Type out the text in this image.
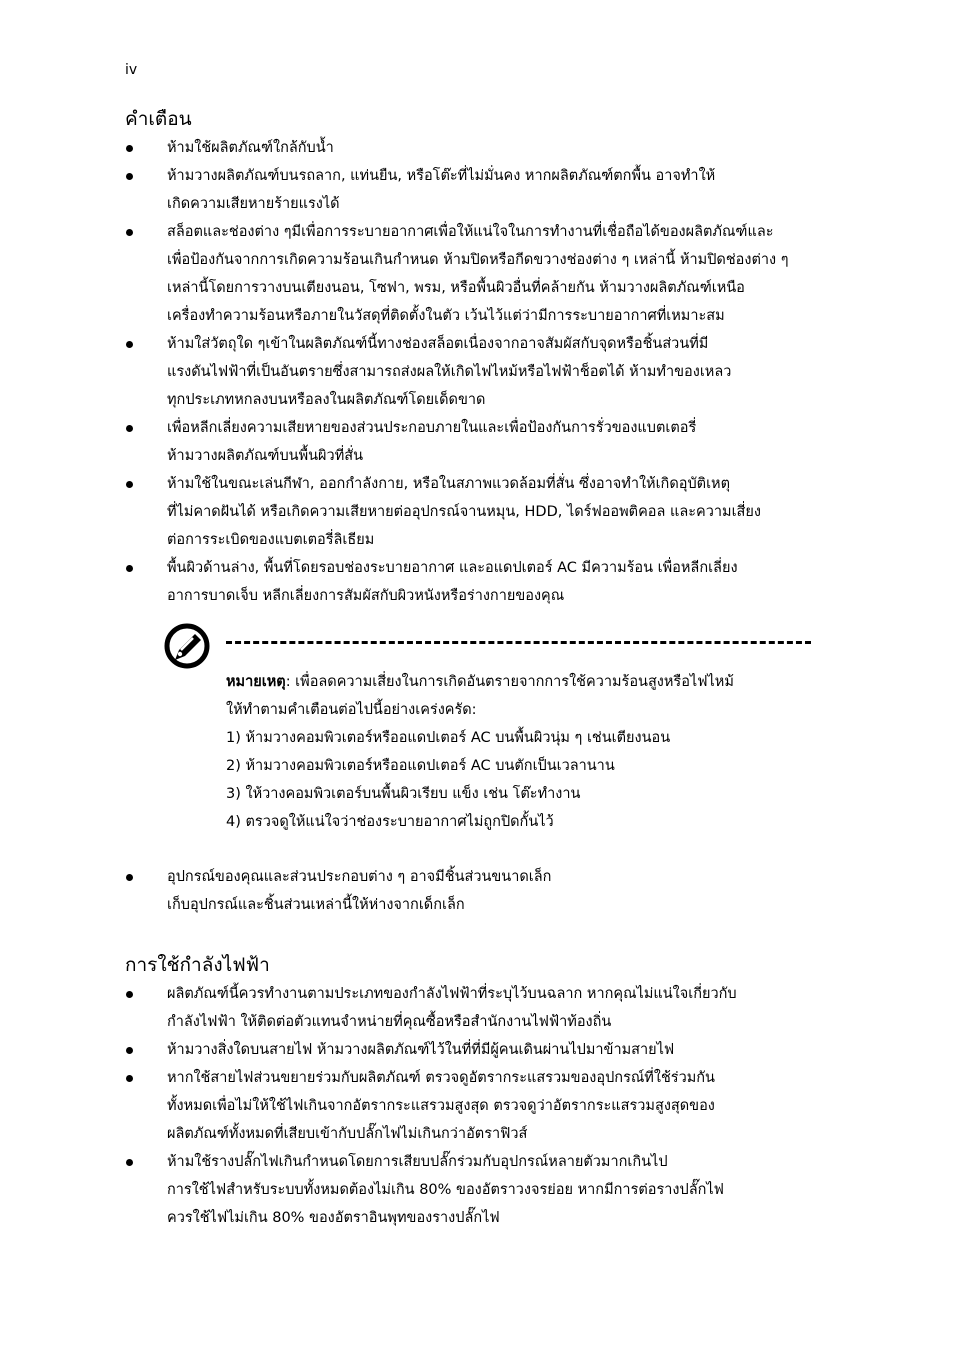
iv
คำเตือน
ห้ามใช้ผลิตภัณฑ์ใกล้กับน้ำ
ห้ามวางผลิตภัณฑ์บนรถลาก, แท่นยืน, หรือโต๊ะที่ไม่มั่นคง หากผลิตภัณฑ์ตกพื้น อาจทำให้
เกิดความเสียหายร้ายแรงได้
สล็อตและช่องต่าง ๆมีเพื่อการระบายอากาศเพื่อให้แน่ใจในการทำงานที่เชื่อถือได้ของผลิตภัณฑ์และ
เพื่อป้องกันจากการเกิดความร้อนเกินกำหนด ห้ามปิดหรือกีดขวางช่องต่าง ๆ เหล่านี้ ห้ามปิดช่องต่าง ๆ
เหล่านี้โดยการวางบนเตียงนอน, โซฟา, พรม, หรือพื้นผิวอื่นที่คล้ายกัน ห้ามวางผลิตภัณฑ์เหนือ
เครื่องทำความร้อนหรือภายในวัสดุที่ติดตั้งในตัว เว้นไว้แต่ว่ามีการระบายอากาศที่เหมาะสม
ห้ามใส่วัตถุใด ๆเข้าในผลิตภัณฑ์นี้ทางช่องสล็อตเนื่องจากอาจสัมผัสกับจุดหรือชิ้นส่วนที่มี
แรงดันไฟฟ้าที่เป็นอันตรายซึ่งสามารถส่งผลให้เกิดไฟไหม้หรือไฟฟ้าช็อตได้ ห้ามทำของเหลว
ทุกประเภทหกลงบนหรือลงในผลิตภัณฑ์โดยเด็ดขาด
เพื่อหลีกเลี่ยงความเสียหายของส่วนประกอบภายในและเพื่อป้องกันการรั่วของแบตเตอรี่
ห้ามวางผลิตภัณฑ์บนพื้นผิวที่สั่น
ห้ามใช้ในขณะเล่นกีฬา, ออกกำลังกาย, หรือในสภาพแวดล้อมที่สั่น ซึ่งอาจทำให้เกิดอุบัติเหตุ
ที่ไม่คาดฝันได้ หรือเกิดความเสียหายต่ออุปกรณ์จานหมุน, HDD, ไดร์ฟออพติคอล และความเสี่ยง
ต่อการระเบิดของแบตเตอรี่ลิเธียม
พื้นผิวด้านล่าง, พื้นที่โดยรอบช่องระบายอากาศ และอแดปเตอร์ AC มีความร้อน เพื่อหลีกเลี่ยง
อาการบาดเจ็บ หลีกเลี่ยงการสัมผัสกับผิวหนังหรือร่างกายของคุณ
หมายเหตุ: เพื่อลดความเสี่ยงในการเกิดอันตรายจากการใช้ความร้อนสูงหรือไฟไหม้
ให้ทำตามคำเตือนต่อไปนี้อย่างเคร่งครัด:
1) ห้ามวางคอมพิวเตอร์หรืออแดปเตอร์ AC บนพื้นผิวนุ่ม ๆ เช่นเตียงนอน
2) ห้ามวางคอมพิวเตอร์หรืออแดปเตอร์ AC บนตักเป็นเวลานาน
3) ให้วางคอมพิวเตอร์บนพื้นผิวเรียบ แข็ง เช่น โต๊ะทำงาน
4) ตรวจดูให้แน่ใจว่าช่องระบายอากาศไม่ถูกปิดกั้นไว้
อุปกรณ์ของคุณและส่วนประกอบต่าง ๆ อาจมีชิ้นส่วนขนาดเล็ก
เก็บอุปกรณ์และชิ้นส่วนเหล่านี้ให้ห่างจากเด็กเล็ก
การใช้กำลังไฟฟ้า
ผลิตภัณฑ์นี้ควรทำงานตามประเภทของกำลังไฟฟ้าที่ระบุไว้บนฉลาก หากคุณไม่แน่ใจเกี่ยวกับ
กำลังไฟฟ้า ให้ติดต่อตัวแทนจำหน่ายที่คุณซื้อหรือสำนักงานไฟฟ้าท้องถิ่น
ห้ามวางสิ่งใดบนสายไฟ ห้ามวางผลิตภัณฑ์ไว้ในที่ที่มีผู้คนเดินผ่านไปมาข้ามสายไฟ
หากใช้สายไฟส่วนขยายร่วมกับผลิตภัณฑ์ ตรวจดูอัตรากระแสรวมของอุปกรณ์ที่ใช้ร่วมกัน
ทั้งหมดเพื่อไม่ให้ใช้ไฟเกินจากอัตรากระแสรวมสูงสุด ตรวจดูว่าอัตรากระแสรวมสูงสุดของ
ผลิตภัณฑ์ทั้งหมดที่เสียบเข้ากับปลั๊กไฟไม่เกินกว่าอัตราฟิวส์
ห้ามใช้รางปลั๊กไฟเกินกำหนดโดยการเสียบปลั๊กร่วมกับอุปกรณ์หลายตัวมากเกินไป
การใช้ไฟสำหรับระบบทั้งหมดต้องไม่เกิน 80% ของอัตราวงจรย่อย หากมีการต่อรางปลั๊กไฟ
ควรใช้ไฟไม่เกิน 80% ของอัตราอินพุทของรางปลั๊กไฟ
